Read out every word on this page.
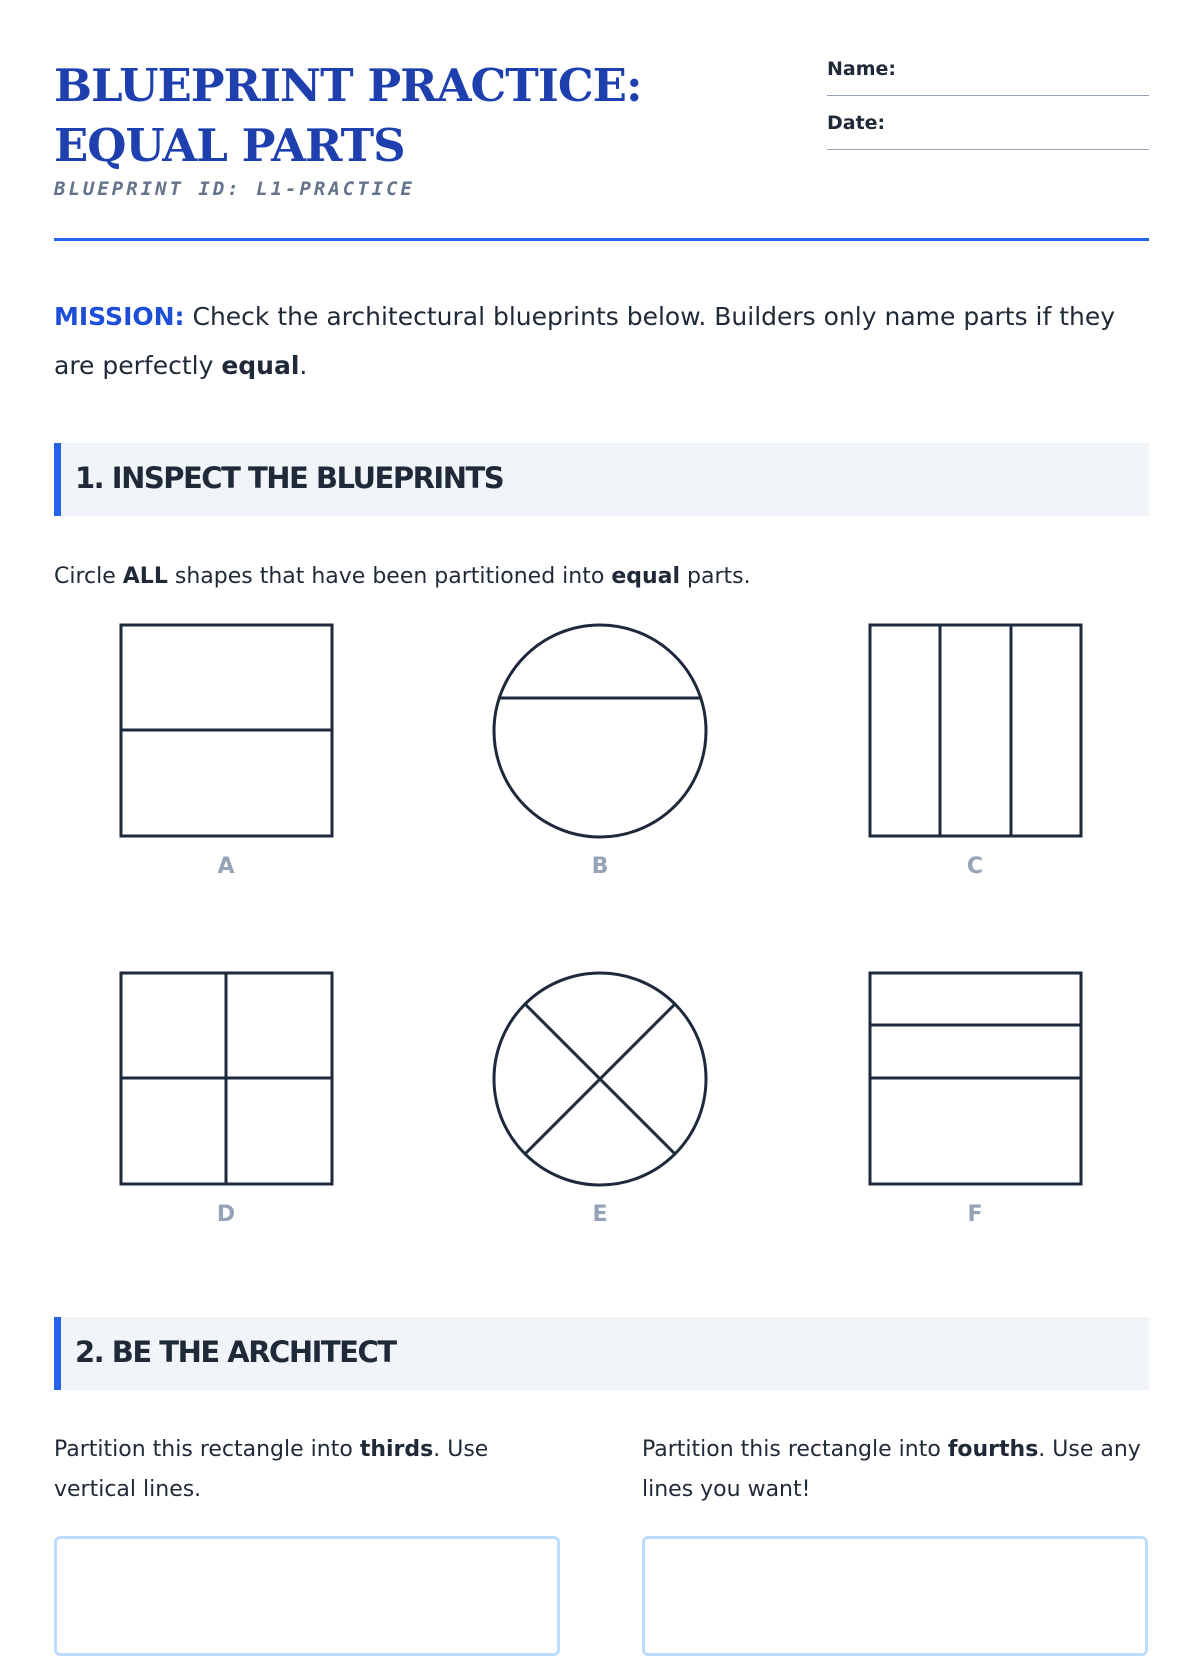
BLUEPRINT PRACTICE: EQUAL PARTS
BLUEPRINT ID: L1-PRACTICE
Name:
Date:

MISSION: Check the architectural blueprints below. Builders only name parts if they are perfectly equal.

1. INSPECT THE BLUEPRINTS

Circle ALL shapes that have been partitioned into equal parts.

A	B	C
D	E	F
2. BE THE ARCHITECT

Partition this rectangle into thirds. Use vertical lines.

Partition this rectangle into fourths. Use any lines you want!
